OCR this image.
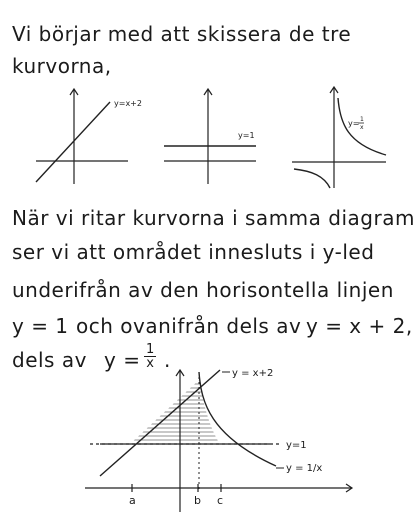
Vi börjar med att skissera de tre
kurvorna,
y=x+2
y=1
y= 1
x
När vi ritar kurvorna i samma diagram
ser vi att området innesluts i y-led
underifrån av den horisontella linjen
y = 1 och ovanifrån dels av y = x + 2,
dels av $y = \frac{1}{x}$ .
a	b c
y = x+2
y=1
y = 1/x
